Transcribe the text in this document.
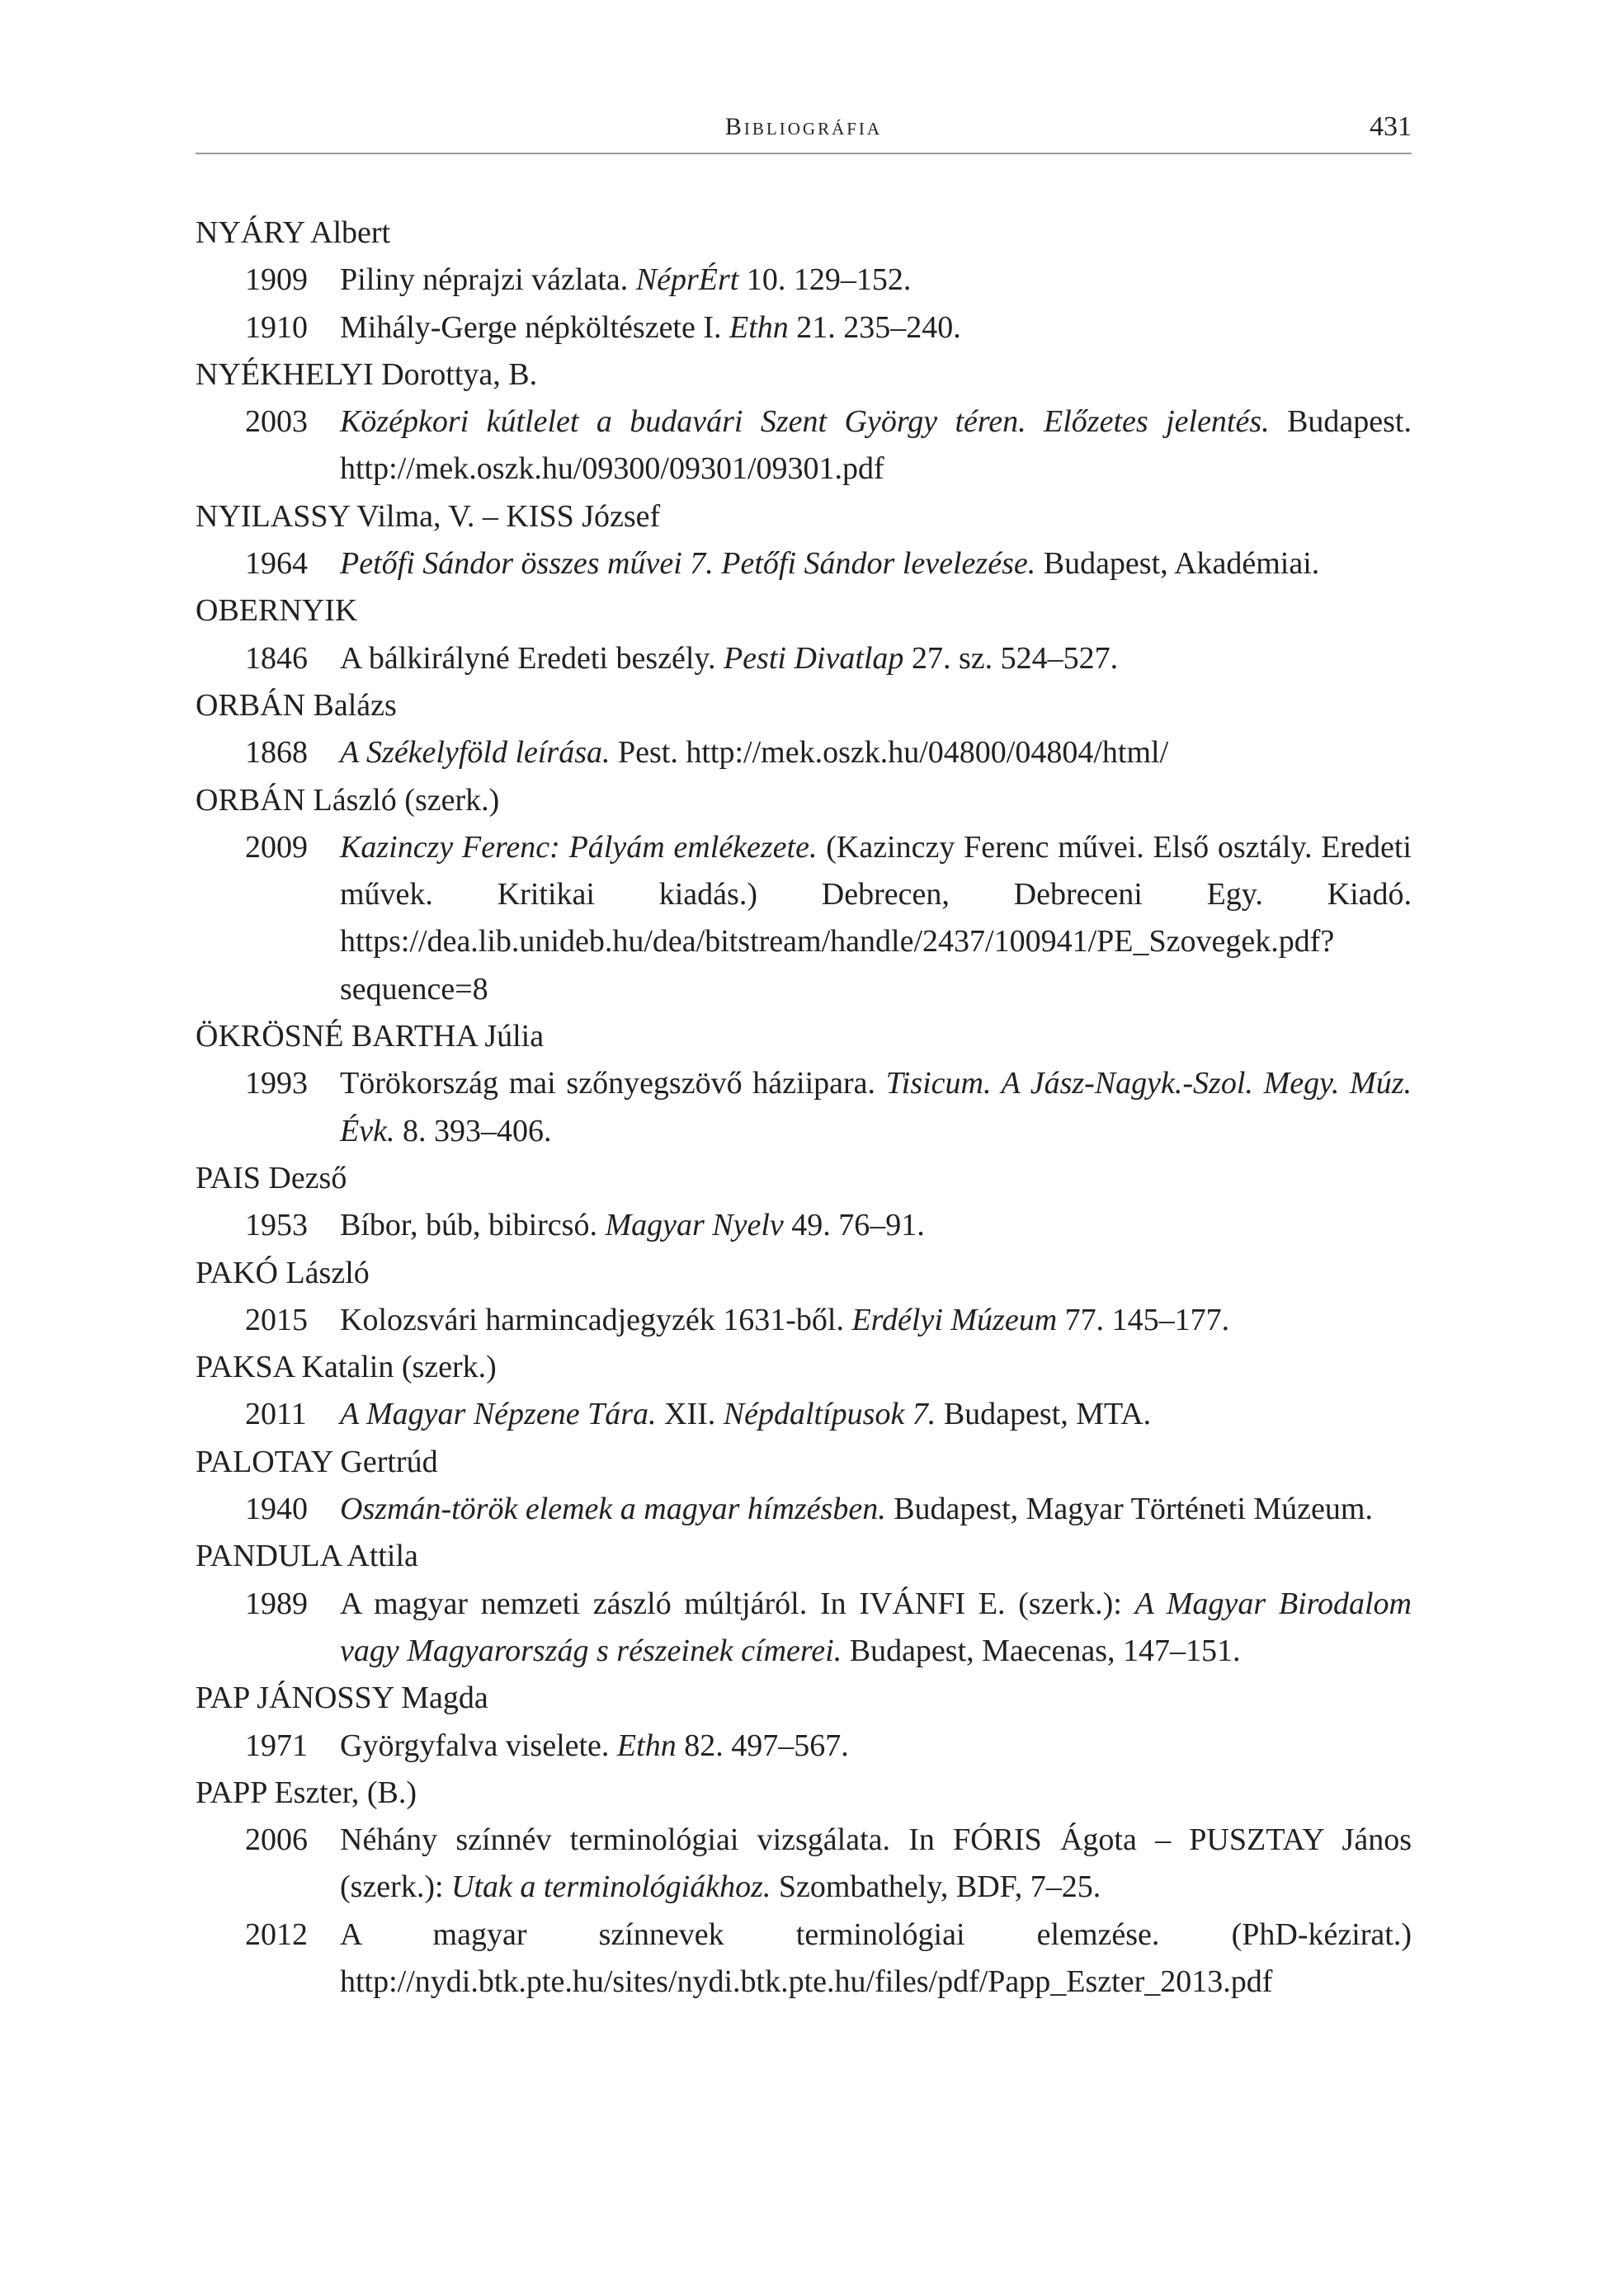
Bibliográfia	431
NYÁRY Albert
1909 Piliny néprajzi vázlata. NéprÉrt 10. 129–152.
1910 Mihály-Gerge népköltészete I. Ethn 21. 235–240.
NYÉKHELYI Dorottya, B.
2003 Középkori kútlelet a budavári Szent György téren. Előzetes jelentés. Budapest. http://mek.oszk.hu/09300/09301/09301.pdf
NYILASSY Vilma, V. – KISS József
1964 Petőfi Sándor összes művei 7. Petőfi Sándor levelezése. Budapest, Akadémiai.
OBERNYIK
1846 A bálkirályné Eredeti beszély. Pesti Divatlap 27. sz. 524–527.
ORBÁN Balázs
1868 A Székelyföld leírása. Pest. http://mek.oszk.hu/04800/04804/html/
ORBÁN László (szerk.)
2009 Kazinczy Ferenc: Pályám emlékezete. (Kazinczy Ferenc művei. Első osztály. Eredeti művek. Kritikai kiadás.) Debrecen, Debreceni Egy. Kiadó. https://dea.lib.unideb.hu/dea/bitstream/handle/2437/100941/PE_Szovegek.pdf?sequence=8
ÖKRÖSNÉ BARTHA Júlia
1993 Törökország mai szőnyegszövő háziipara. Tisicum. A Jász-Nagyk.-Szol. Megy. Múz. Évk. 8. 393–406.
PAIS Dezső
1953 Bíbor, búb, bibircsó. Magyar Nyelv 49. 76–91.
PAKÓ László
2015 Kolozsvári harmincadjegyzék 1631-ből. Erdélyi Múzeum 77. 145–177.
PAKSA Katalin (szerk.)
2011 A Magyar Népzene Tára. XII. Népdaltípusok 7. Budapest, MTA.
PALOTAY Gertrúd
1940 Oszmán-török elemek a magyar hímzésben. Budapest, Magyar Történeti Múzeum.
PANDULA Attila
1989 A magyar nemzeti zászló múltjáról. In IVÁNFI E. (szerk.): A Magyar Birodalom vagy Magyarország s részeinek címerei. Budapest, Maecenas, 147–151.
PAP JÁNOSSY Magda
1971 Györgyfalva viselete. Ethn 82. 497–567.
PAPP Eszter, (B.)
2006 Néhány színnév terminológiai vizsgálata. In FÓRIS Ágota – PUSZTAY János (szerk.): Utak a terminológiákhoz. Szombathely, BDF, 7–25.
2012 A magyar színnevek terminológiai elemzése. (PhD-kézirat.) http://nydi.btk.pte.hu/sites/nydi.btk.pte.hu/files/pdf/Papp_Eszter_2013.pdf
